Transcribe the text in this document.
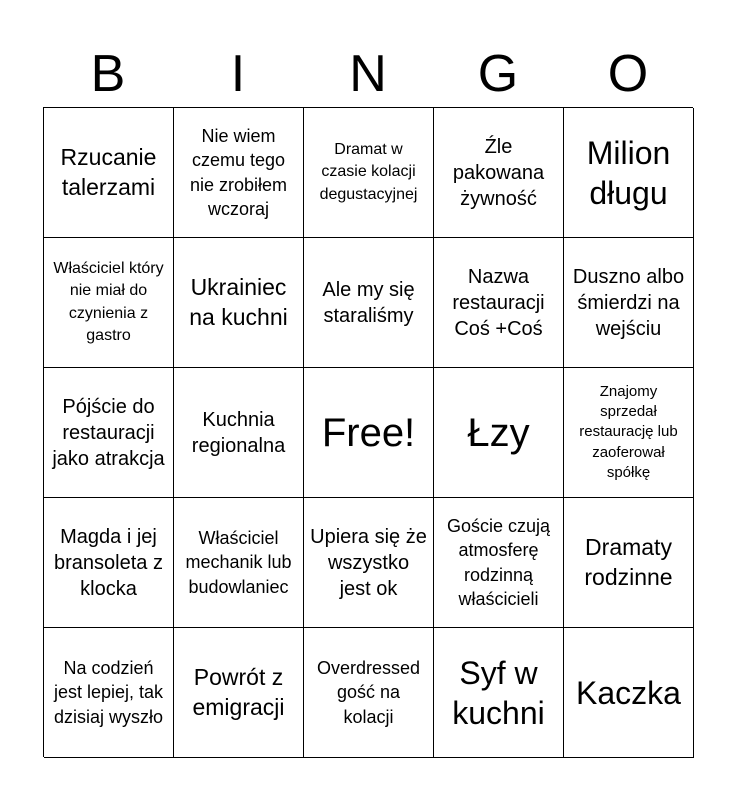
B	I	N	G	O
Rzucanie talerzami
Nie wiem czemu tego nie zrobiłem wczoraj
Dramat w czasie kolacji degustacyjnej
Źle pakowana żywność
Milion długu
Właściciel który nie miał do czynienia z gastro
Ukrainiec na kuchni
Ale my się staraliśmy
Nazwa restauracji Coś +Coś
Duszno albo śmierdzi na wejściu
Pójście do restauracji jako atrakcja
Kuchnia regionalna Free! Łzy
Znajomy sprzedał restaurację lub zaoferował spółkę
Magda i jej bransoleta z klocka
Właściciel mechanik lub budowlaniec
Upiera się że wszystko jest ok
Goście czują atmosferę rodzinną właścicieli
Dramaty rodzinne
Na codzień jest lepiej, tak dzisiaj wyszło
Powrót z emigracji
Overdressed gość na kolacji
Syf w kuchni
Kaczka
